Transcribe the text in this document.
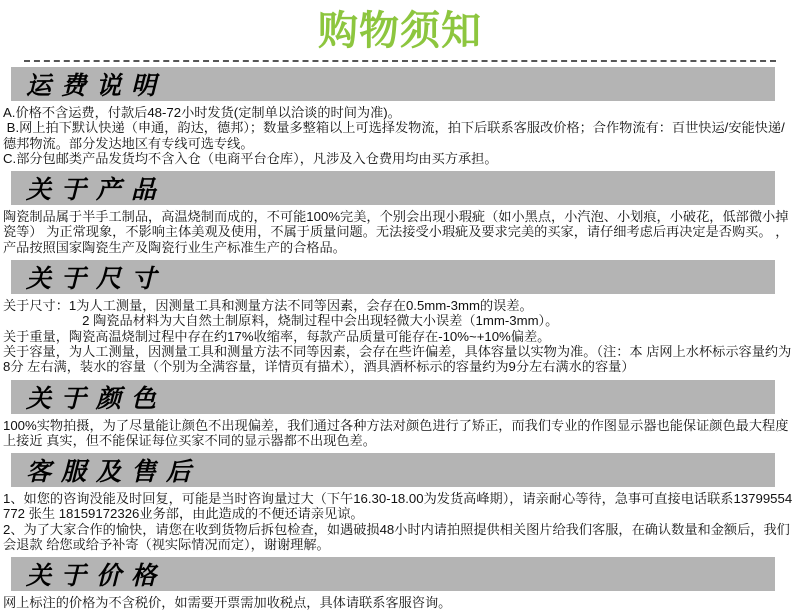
购物须知
运费说明

A.价格不含运费，付款后48-72小时发货(定制单以洽谈的时间为准)。

B.网上拍下默认快递（申通，韵达，德邦）；数量多整箱以上可选择发物流，拍下后联系客服改价格；合作物流有：百世快运/安能快递/德邦物流。部分发达地区有专线可选专线。

C.部分包邮类产品发货均不含入仓（电商平台仓库），凡涉及入仓费用均由买方承担。

关于产品

陶瓷制品属于半手工制品，高温烧制而成的，不可能100%完美，个别会出现小瑕疵（如小黑点，小汽泡、小划痕，小破花，低部微小掉瓷等） 为正常现象，不影响主体美观及使用，不属于质量问题。无法接受小瑕疵及要求完美的买家，请仔细考虑后再决定是否购买。 ，产品按照国家陶瓷生产及陶瓷行业生产标准生产的合格品。

关于尺寸

关于尺寸：1为人工测量，因测量工具和测量方法不同等因素，会存在0.5mm-3mm的误差。

　　　　　　2 陶瓷品材料为大自然土制原料，烧制过程中会出现轻微大小误差（1mm-3mm）。

关于重量，陶瓷高温烧制过程中存在约17%收缩率，每款产品质量可能存在-10%~+10%偏差。

关于容量，为人工测量，因测量工具和测量方法不同等因素，会存在些许偏差，具体容量以实物为准。（注：本 店网上水杯标示容量约为8分 左右满，装水的容量（个别为全满容量，详情页有描术），酒具酒杯标示的容量约为9分左右满水的容量）

关于颜色

100%实物拍摄，为了尽量能让颜色不出现偏差，我们通过各种方法对颜色进行了矫正，而我们专业的作图显示器也能保证颜色最大程度上接近 真实，但不能保证每位买家不同的显示器都不出现色差。

客服及售后

1、如您的咨询没能及时回复，可能是当时咨询量过大（下午16.30-18.00为发货高峰期），请亲耐心等待，急事可直接电话联系13799554772 张生 18159172326业务部，由此造成的不便还请亲见谅。

2、为了大家合作的愉快，请您在收到货物后拆包检查，如遇破损48小时内请拍照提供相关图片给我们客服，在确认数量和金额后，我们会退款 给您或给予补寄（视实际情况而定），谢谢理解。

关于价格

网上标注的价格为不含税价，如需要开票需加收税点，具体请联系客服咨询。
